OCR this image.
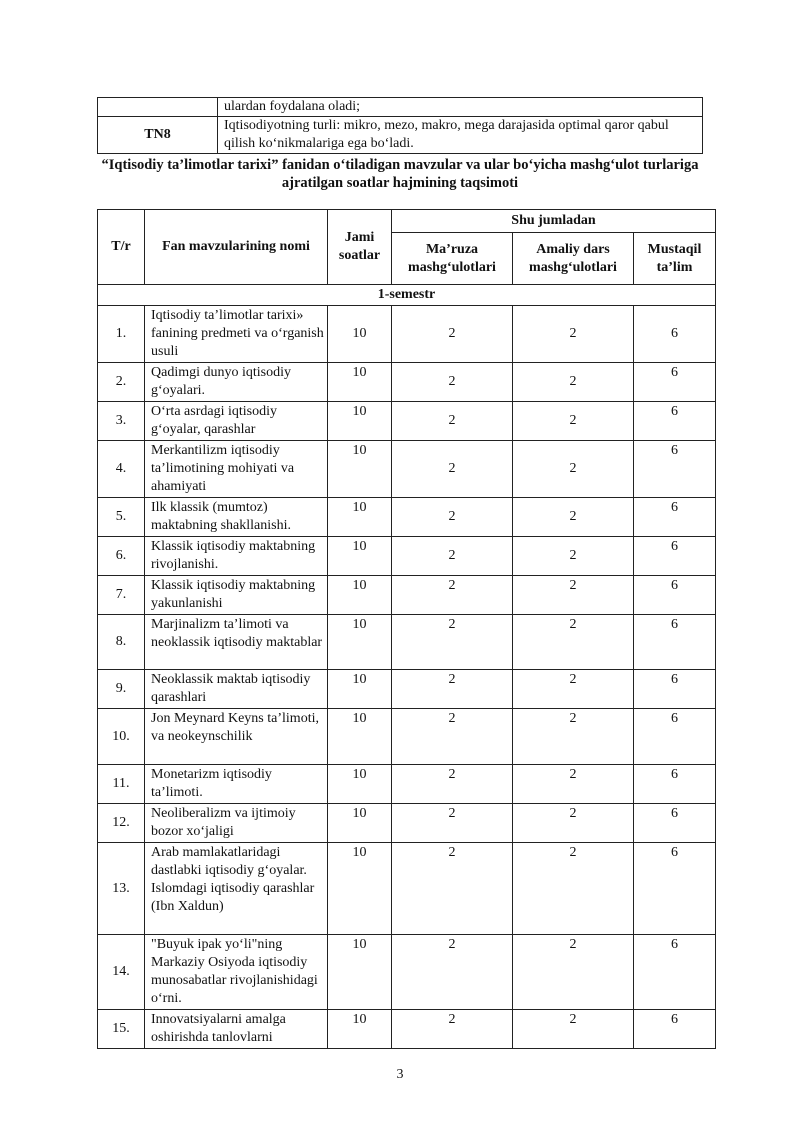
	ulardan foydalana oladi;
TN8	Iqtisodiyotning turli: mikro, mezo, makro, mega darajasida optimal qaror qabul qilish ko‘nikmalariga ega bo‘ladi.
“Iqtisodiy ta’limotlar tarixi” fanidan o‘tiladigan mavzular va ular bo‘yicha mashg‘ulot turlariga ajratilgan soatlar hajmining taqsimoti
T/r	Fan mavzularining nomi	Jami soatlar	Shu jumladan		
			Ma’ruza mashg‘ulotlari	Amaliy dars mashg‘ulotlari	Mustaqil ta’lim
1-semestr					
1.	Iqtisodiy ta’limotlar tarixi» fanining predmeti va o‘rganish usuli	10	2	2	6
2.	Qadimgi dunyo iqtisodiy g‘oyalari.	10	2	2	6
3.	O‘rta asrdagi iqtisodiy g‘oyalar, qarashlar	10	2	2	6
4.	Merkantilizm iqtisodiy ta’limotining mohiyati va ahamiyati	10	2	2	6
5.	Ilk klassik (mumtoz) maktabning shakllanishi.	10	2	2	6
6.	Klassik iqtisodiy maktabning rivojlanishi.	10	2	2	6
7.	Klassik iqtisodiy maktabning yakunlanishi	10	2	2	6
8.	Marjinalizm ta’limoti va neoklassik iqtisodiy maktablar	10	2	2	6
9.	Neoklassik maktab iqtisodiy qarashlari	10	2	2	6
10.	Jon Meynard Keyns ta’limoti, va neokeynschilik	10	2	2	6
11.	Monetarizm iqtisodiy ta’limoti.	10	2	2	6
12.	Neoliberalizm va ijtimoiy bozor xo‘jaligi	10	2	2	6
13.	Arab mamlakatlaridagi dastlabki iqtisodiy g‘oyalar. Islomdagi iqtisodiy qarashlar (Ibn Xaldun)	10	2	2	6
14.	"Buyuk ipak yo‘li"ning Markaziy Osiyoda iqtisodiy munosabatlar rivojlanishidagi o‘rni.	10	2	2	6
15.	Innovatsiyalarni amalga oshirishda tanlovlarni	10	2	2	6
3
